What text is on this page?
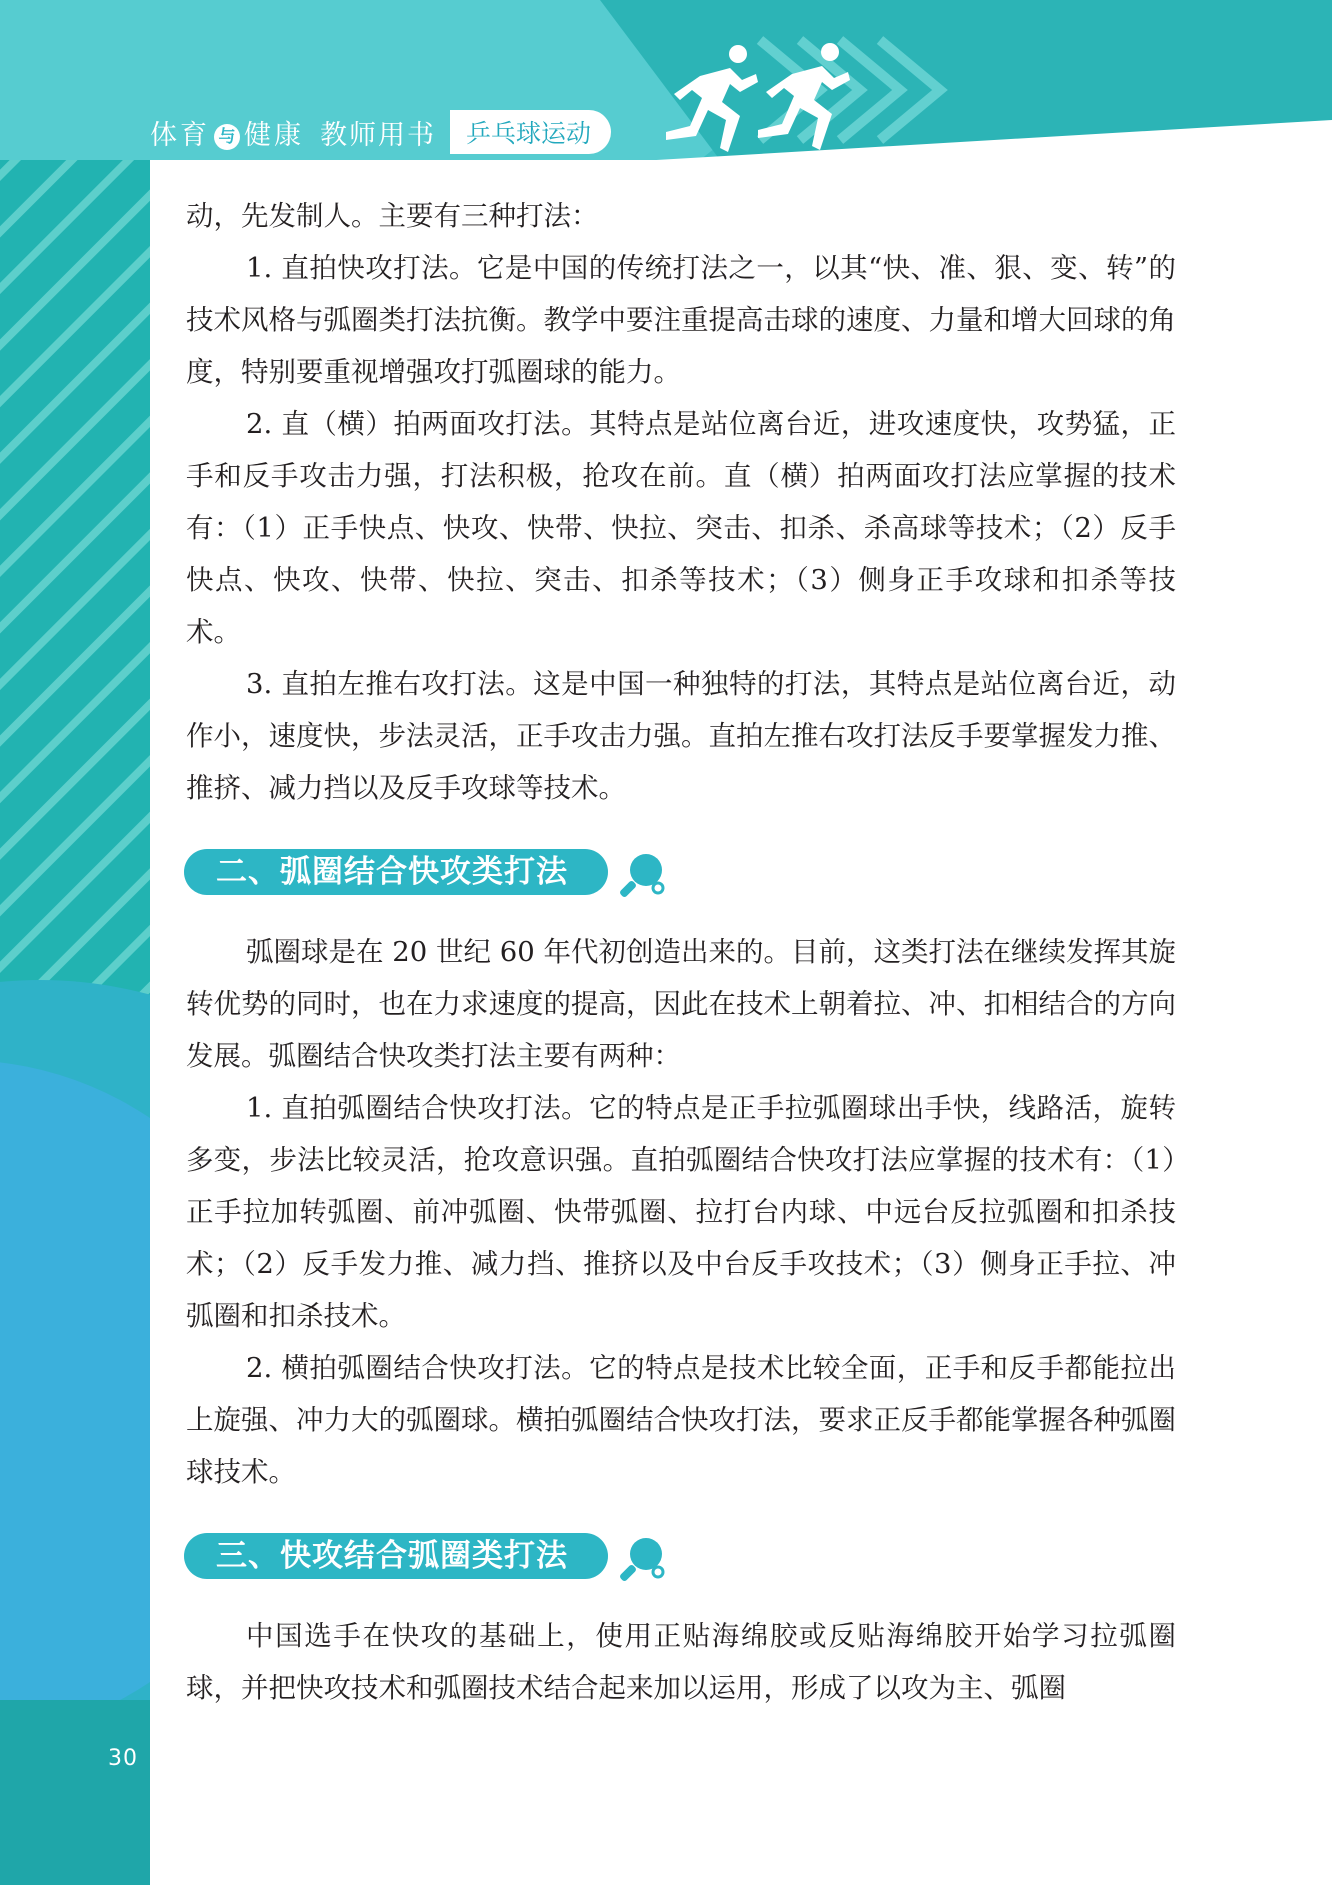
体育 与 健康 教师用书	乒乓球运动

动，先发制人。主要有三种打法：

1. 直拍快攻打法。它是中国的传统打法之一，以其“快、准、狠、变、转”的技术风格与弧圈类打法抗衡。教学中要注重提高击球的速度、力量和增大回球的角度，特别要重视增强攻打弧圈球的能力。

2. 直（横）拍两面攻打法。其特点是站位离台近，进攻速度快，攻势猛，正手和反手攻击力强，打法积极，抢攻在前。直（横）拍两面攻打法应掌握的技术有：（1）正手快点、快攻、快带、快拉、突击、扣杀、杀高球等技术；（2）反手快点、快攻、快带、快拉、突击、扣杀等技术；（3）侧身正手攻球和扣杀等技术。

3. 直拍左推右攻打法。这是中国一种独特的打法，其特点是站位离台近，动作小，速度快，步法灵活，正手攻击力强。直拍左推右攻打法反手要掌握发力推、推挤、减力挡以及反手攻球等技术。

二、弧圈结合快攻类打法

弧圈球是在 20 世纪 60 年代初创造出来的。目前，这类打法在继续发挥其旋转优势的同时，也在力求速度的提高，因此在技术上朝着拉、冲、扣相结合的方向发展。弧圈结合快攻类打法主要有两种：

1. 直拍弧圈结合快攻打法。它的特点是正手拉弧圈球出手快，线路活，旋转多变，步法比较灵活，抢攻意识强。直拍弧圈结合快攻打法应掌握的技术有：（1）正手拉加转弧圈、前冲弧圈、快带弧圈、拉打台内球、中远台反拉弧圈和扣杀技术；（2）反手发力推、减力挡、推挤以及中台反手攻技术；（3）侧身正手拉、冲弧圈和扣杀技术。

2. 横拍弧圈结合快攻打法。它的特点是技术比较全面，正手和反手都能拉出上旋强、冲力大的弧圈球。横拍弧圈结合快攻打法，要求正反手都能掌握各种弧圈球技术。

三、快攻结合弧圈类打法

中国选手在快攻的基础上，使用正贴海绵胶或反贴海绵胶开始学习拉弧圈球，并把快攻技术和弧圈技术结合起来加以运用，形成了以攻为主、弧圈

30
